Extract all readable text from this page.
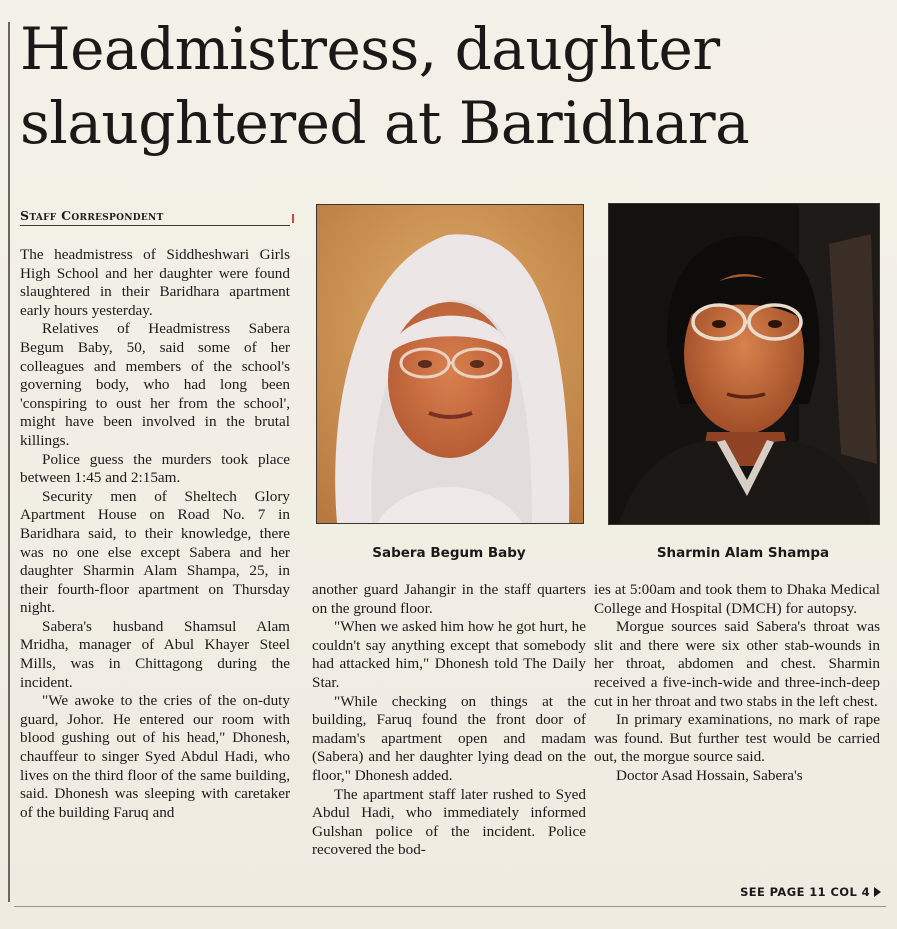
Headmistress, daughter
slaughtered at Baridhara
Staff Correspondent

The headmistress of Siddheshwari Girls High School and her daughter were found slaughtered in their Baridhara apartment early hours yesterday.

Relatives of Headmistress Sabera Begum Baby, 50, said some of her colleagues and members of the school's governing body, who had long been 'conspiring to oust her from the school', might have been involved in the brutal killings.

Police guess the murders took place between 1:45 and 2:15am.

Security men of Sheltech Glory Apartment House on Road No. 7 in Baridhara said, to their knowledge, there was no one else except Sabera and her daughter Sharmin Alam Shampa, 25, in their fourth-floor apartment on Thursday night.

Sabera's husband Shamsul Alam Mridha, manager of Abul Khayer Steel Mills, was in Chittagong during the incident.

"We awoke to the cries of the on-duty guard, Johor. He entered our room with blood gushing out of his head," Dhonesh, chauffeur to singer Syed Abdul Hadi, who lives on the third floor of the same building, said. Dhonesh was sleeping with caretaker of the building Faruq and

Sabera Begum Baby	Sharmin Alam Shampa

another guard Jahangir in the staff quarters on the ground floor.

"When we asked him how he got hurt, he couldn't say anything except that somebody had attacked him," Dhonesh told The Daily Star.

"While checking on things at the building, Faruq found the front door of madam's apartment open and madam (Sabera) and her daughter lying dead on the floor," Dhonesh added.

The apartment staff later rushed to Syed Abdul Hadi, who immediately informed Gulshan police of the incident. Police recovered the bod-

ies at 5:00am and took them to Dhaka Medical College and Hospital (DMCH) for autopsy.

Morgue sources said Sabera's throat was slit and there were six other stab-wounds in her throat, abdomen and chest. Sharmin received a five-inch-wide and three-inch-deep cut in her throat and two stabs in the left chest.

In primary examinations, no mark of rape was found. But further test would be carried out, the morgue source said.

Doctor Asad Hossain, Sabera's

SEE PAGE 11 COL 4
